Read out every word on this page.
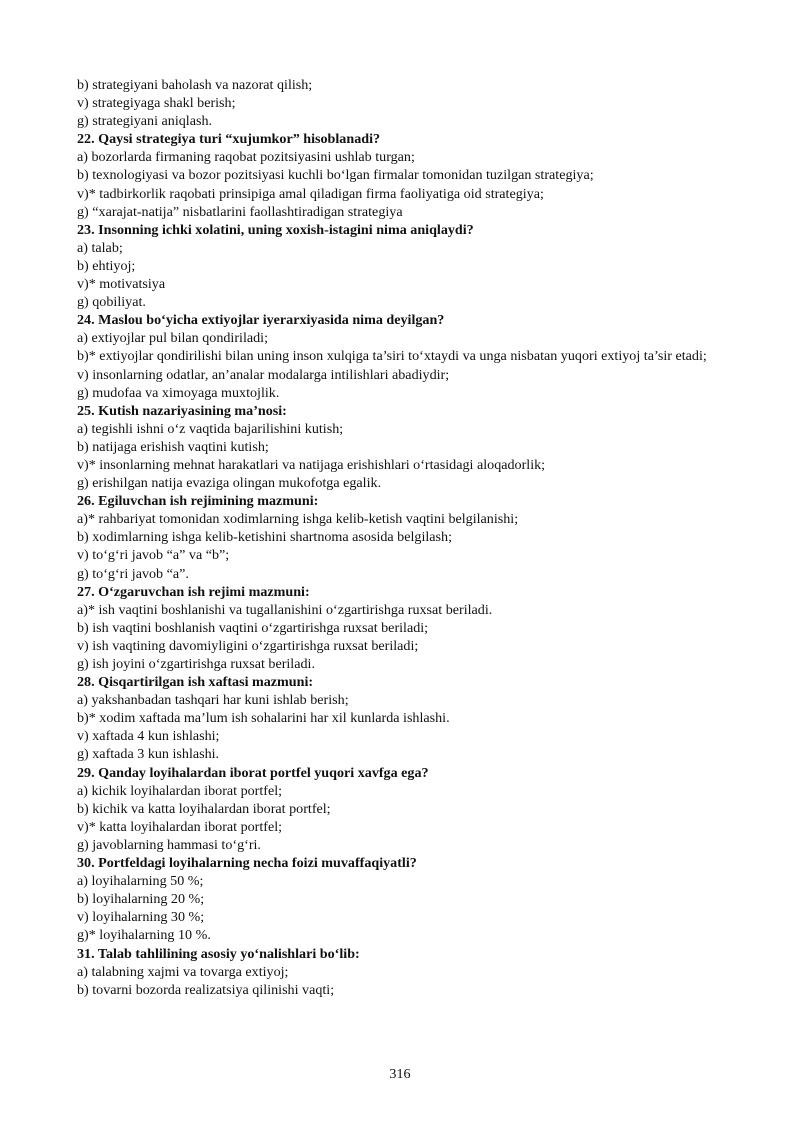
b) strategiyani baholash va nazorat qilish;
v) strategiyaga shakl berish;
g) strategiyani aniqlash.
22. Qaysi strategiya turi “xujumkor” hisoblanadi?
a) bozorlarda firmaning raqobat pozitsiyasini ushlab turgan;
b) texnologiyasi va bozor pozitsiyasi kuchli boʻlgan firmalar tomonidan tuzilgan strategiya;
v)* tadbirkorlik raqobati prinsipiga amal qiladigan firma faoliyatiga oid strategiya;
g) “xarajat-natija” nisbatlarini faollashtiradigan strategiya
23. Insonning ichki xolatini, uning xoxish-istagini nima aniqlaydi?
a) talab;
b) ehtiyoj;
v)* motivatsiya
g) qobiliyat.
24. Maslou boʻyicha extiyojlar iyerarxiyasida nima deyilgan?
a) extiyojlar pul bilan qondiriladi;
b)* extiyojlar qondirilishi bilan uning inson xulqiga ta’siri toʻxtaydi va unga nisbatan yuqori extiyoj ta’sir etadi;
v) insonlarning odatlar, an’analar modalarga intilishlari abadiydir;
g) mudofaa va ximoyaga muxtojlik.
25. Kutish nazariyasining ma’nosi:
a) tegishli ishni oʻz vaqtida bajarilishini kutish;
b) natijaga erishish vaqtini kutish;
v)* insonlarning mehnat harakatlari va natijaga erishishlari oʻrtasidagi aloqadorlik;
g) erishilgan natija evaziga olingan mukofotga egalik.
26. Egiluvchan ish rejimining mazmuni:
a)* rahbariyat tomonidan xodimlarning ishga kelib-ketish vaqtini belgilanishi;
b) xodimlarning ishga kelib-ketishini shartnoma asosida belgilash;
v) toʻgʻri javob “a” va “b”;
g) toʻgʻri javob “a”.
27. Oʻzgaruvchan ish rejimi mazmuni:
a)* ish vaqtini boshlanishi va tugallanishini oʻzgartirishga ruxsat beriladi.
b) ish vaqtini boshlanish vaqtini oʻzgartirishga ruxsat beriladi;
v) ish vaqtining davomiyligini oʻzgartirishga ruxsat beriladi;
g) ish joyini oʻzgartirishga ruxsat beriladi.
28. Qisqartirilgan ish xaftasi mazmuni:
a) yakshanbadan tashqari har kuni ishlab berish;
b)* xodim xaftada ma’lum ish sohalarini har xil kunlarda ishlashi.
v) xaftada 4 kun ishlashi;
g) xaftada 3 kun ishlashi.
29. Qanday loyihalardan iborat portfel yuqori xavfga ega?
a) kichik loyihalardan iborat portfel;
b) kichik va katta loyihalardan iborat portfel;
v)* katta loyihalardan iborat portfel;
g) javoblarning hammasi toʻgʻri.
30. Portfeldagi loyihalarning necha foizi muvaffaqiyatli?
a) loyihalarning 50 %;
b) loyihalarning 20 %;
v) loyihalarning 30 %;
g)* loyihalarning 10 %.
31. Talab tahlilining asosiy yoʻnalishlari boʻlib:
a) talabning xajmi va tovarga extiyoj;
b) tovarni bozorda realizatsiya qilinishi vaqti;
316
